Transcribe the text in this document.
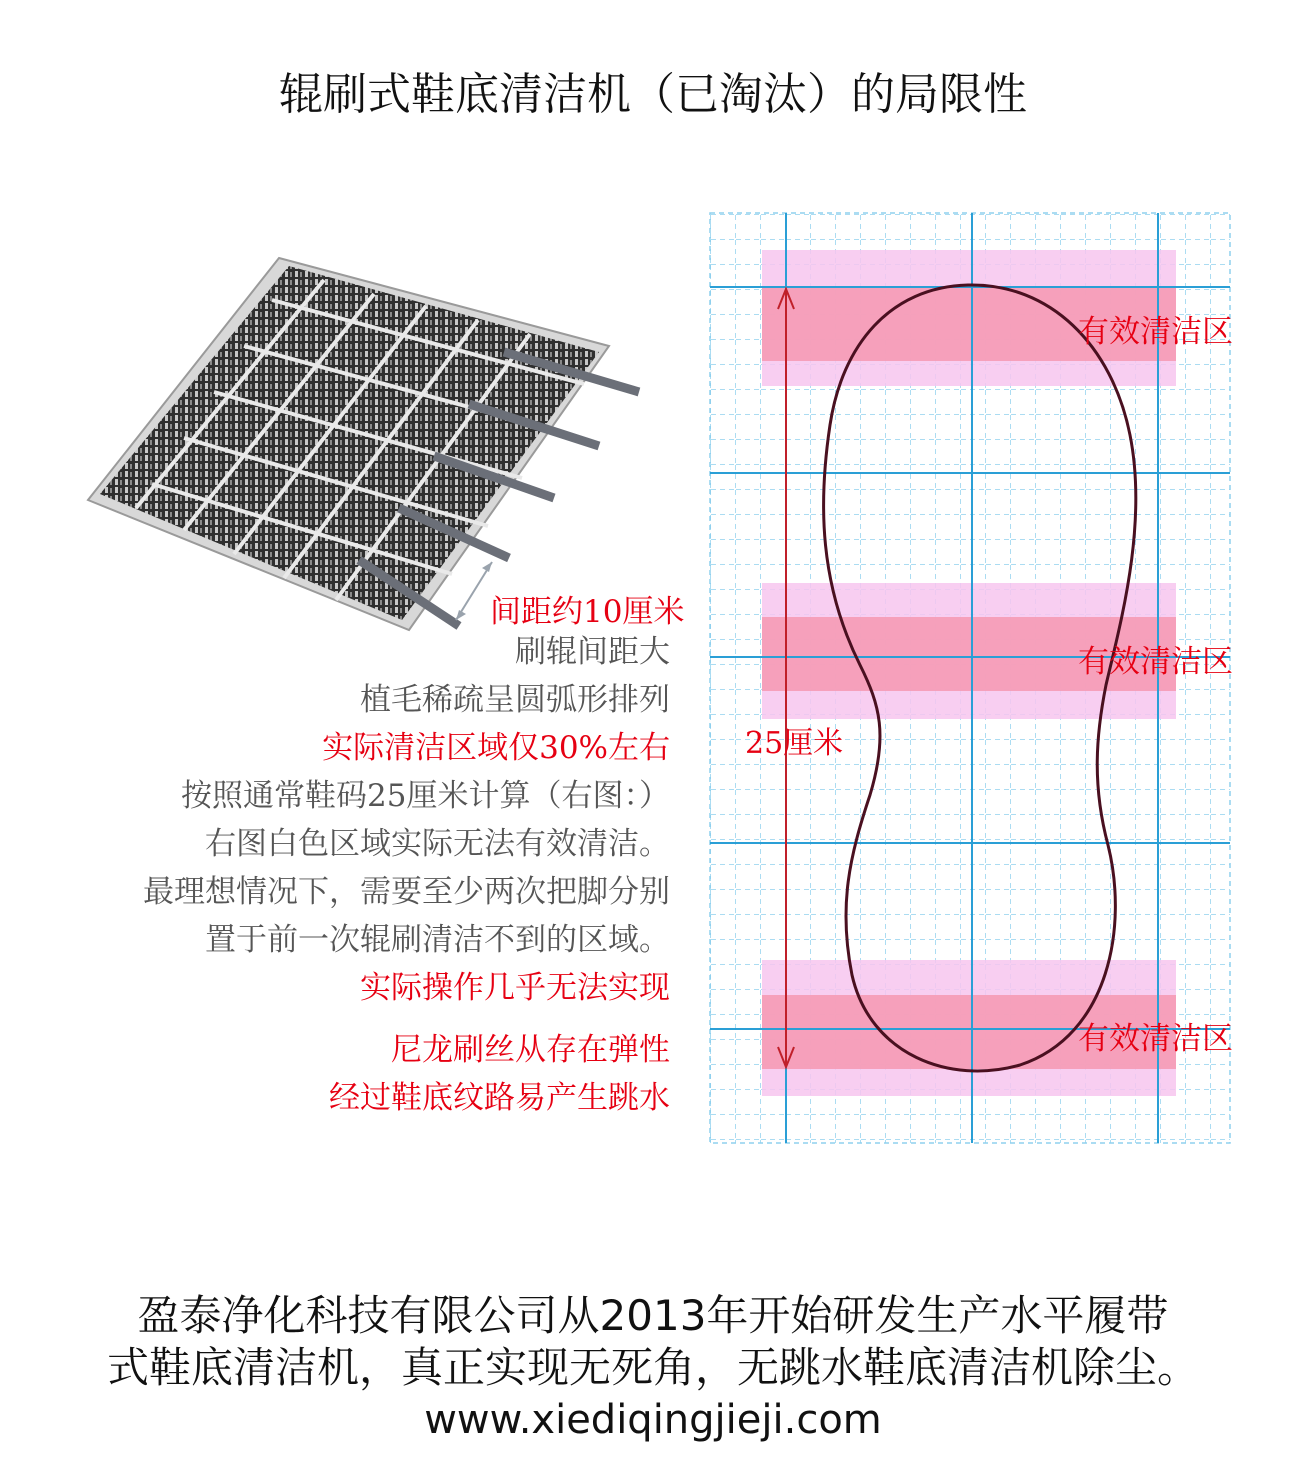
辊刷式鞋底清洁机（已淘汰）的局限性
间距约10厘米
刷辊间距大
植毛稀疏呈圆弧形排列
实际清洁区域仅30%左右
按照通常鞋码25厘米计算（右图：）
右图白色区域实际无法有效清洁。
最理想情况下，需要至少两次把脚分别
置于前一次辊刷清洁不到的区域。
实际操作几乎无法实现
尼龙刷丝从存在弹性
经过鞋底纹路易产生跳水
有效清洁区
有效清洁区
有效清洁区
25厘米
盈泰净化科技有限公司从2013年开始研发生产水平履带
式鞋底清洁机，真正实现无死角，无跳水鞋底清洁机除尘。
www.xiediqingjieji.com
